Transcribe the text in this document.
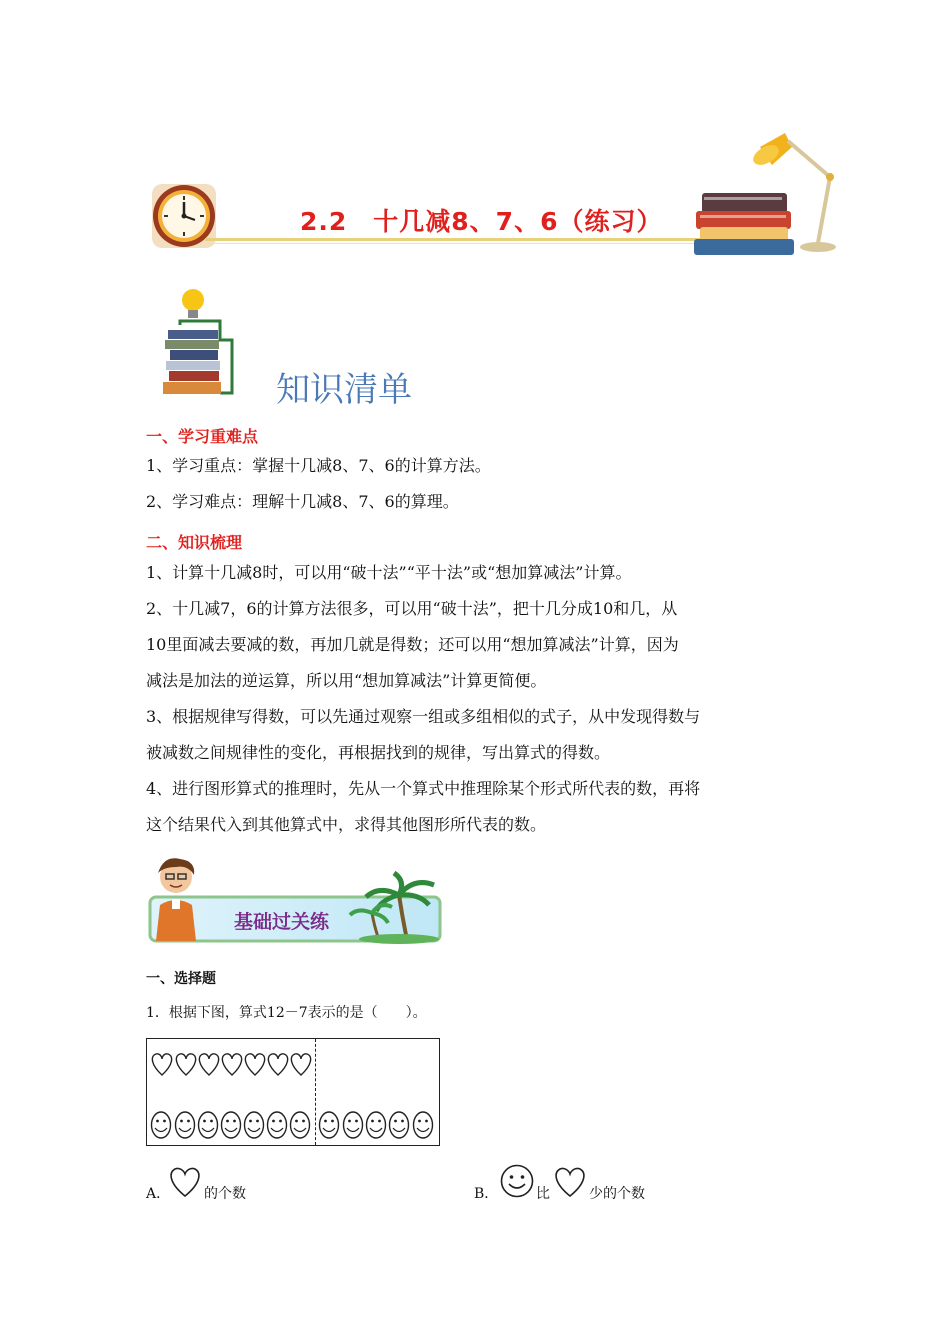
2.2　十几减8、7、6（练习）
知识清单
一、学习重难点
1、学习重点：掌握十几减8、7、6的计算方法。
2、学习难点：理解十几减8、7、6的算理。
二、知识梳理
1、计算十几减8时，可以用“破十法”“平十法”或“想加算减法”计算。
2、十几减7，6的计算方法很多，可以用“破十法”，把十几分成10和几，从
10里面减去要减的数，再加几就是得数；还可以用“想加算减法”计算，因为
减法是加法的逆运算，所以用“想加算减法”计算更简便。
3、根据规律写得数，可以先通过观察一组或多组相似的式子，从中发现得数与
被减数之间规律性的变化，再根据找到的规律，写出算式的得数。
4、进行图形算式的推理时，先从一个算式中推理除某个形式所代表的数，再将
这个结果代入到其他算式中，求得其他图形所代表的数。
基础过关练
一、选择题
1．根据下图，算式12－7表示的是（　　）。
A． 的个数	B．	比	少的个数
